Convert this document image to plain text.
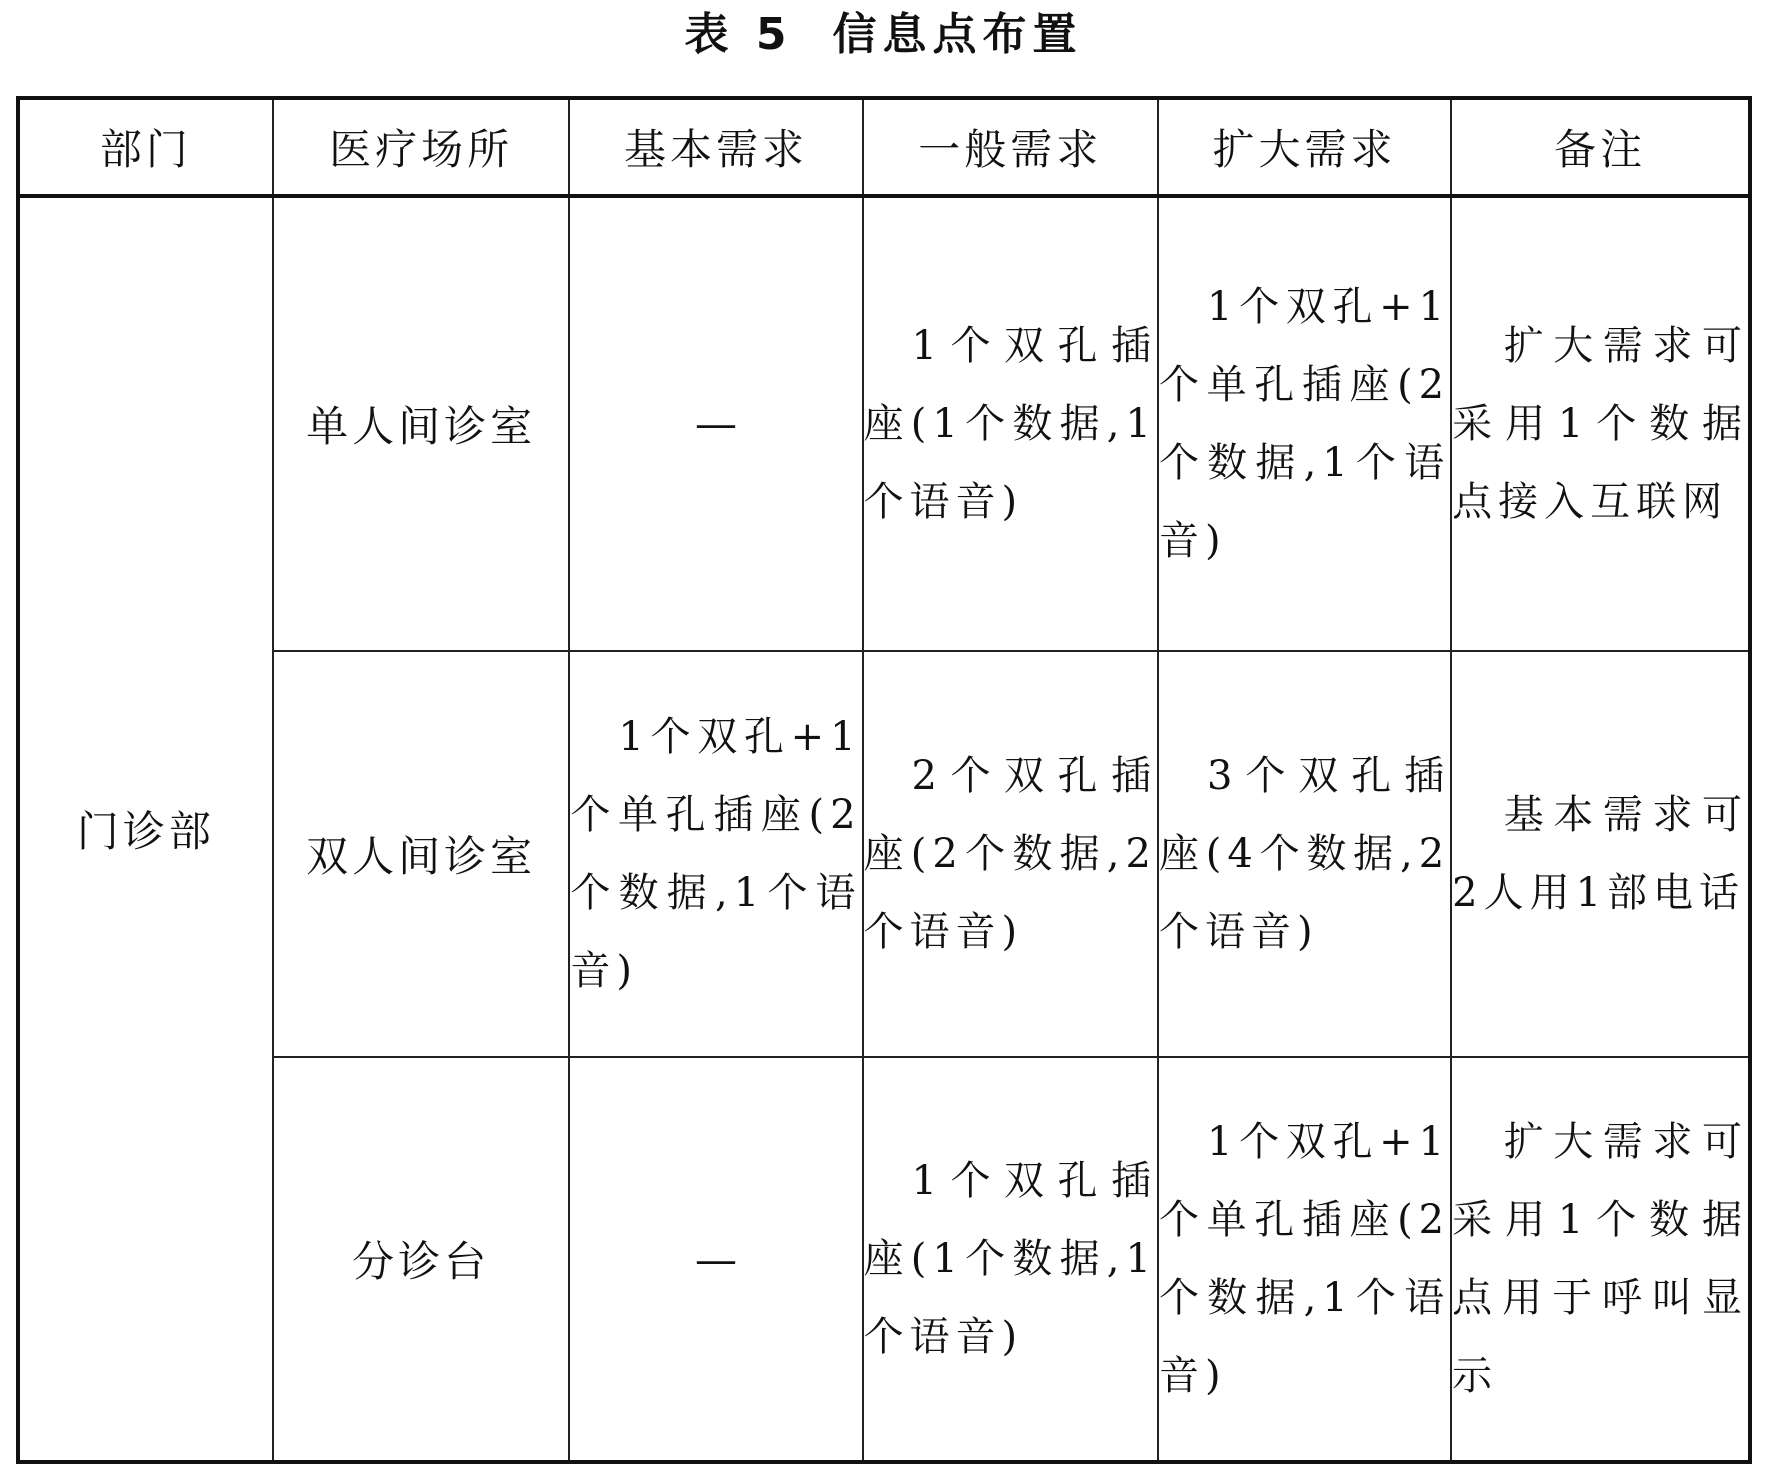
表 5 信息点布置
部门	医疗场所	基本需求	一般需求	扩大需求	备注
门诊部	单人间诊室	—	1个双孔插座(1个数据,1个语音)	1个双孔+1个单孔插座(2个数据,1个语音)	扩大需求可采用1个数据点接入互联网
	双人间诊室	1个双孔+1个单孔插座(2个数据,1个语音)	2个双孔插座(2个数据,2个语音)	3个双孔插座(4个数据,2个语音)	基本需求可2人用1部电话
	分诊台	—	1个双孔插座(1个数据,1个语音)	1个双孔+1个单孔插座(2个数据,1个语音)	扩大需求可采用1个数据点用于呼叫显示
